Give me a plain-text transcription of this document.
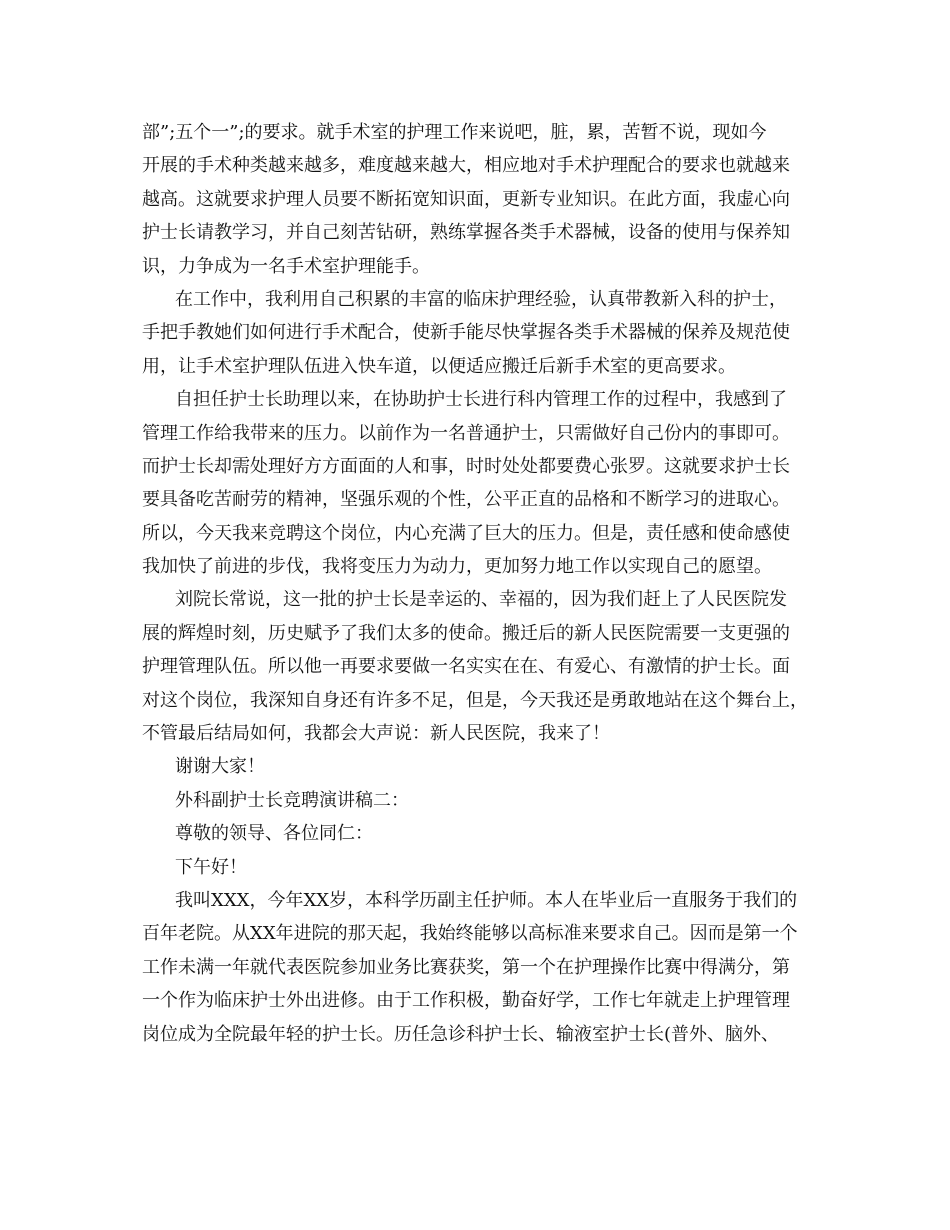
部”;五个一”;的要求。就手术室的护理工作来说吧，脏，累，苦暂不说，现如今
开展的手术种类越来越多，难度越来越大，相应地对手术护理配合的要求也就越来
越高。这就要求护理人员要不断拓宽知识面，更新专业知识。在此方面，我虚心向
护士长请教学习，并自己刻苦钻研，熟练掌握各类手术器械，设备的使用与保养知
识，力争成为一名手术室护理能手。
在工作中，我利用自己积累的丰富的临床护理经验，认真带教新入科的护士，
手把手教她们如何进行手术配合，使新手能尽快掌握各类手术器械的保养及规范使
用，让手术室护理队伍进入快车道，以便适应搬迁后新手术室的更高要求。
自担任护士长助理以来，在协助护士长进行科内管理工作的过程中，我感到了
管理工作给我带来的压力。以前作为一名普通护士，只需做好自己份内的事即可。
而护士长却需处理好方方面面的人和事，时时处处都要费心张罗。这就要求护士长
要具备吃苦耐劳的精神，坚强乐观的个性，公平正直的品格和不断学习的进取心。
所以，今天我来竞聘这个岗位，内心充满了巨大的压力。但是，责任感和使命感使
我加快了前进的步伐，我将变压力为动力，更加努力地工作以实现自己的愿望。
刘院长常说，这一批的护士长是幸运的、幸福的，因为我们赶上了人民医院发
展的辉煌时刻，历史赋予了我们太多的使命。搬迁后的新人民医院需要一支更强的
护理管理队伍。所以他一再要求要做一名实实在在、有爱心、有激情的护士长。面
对这个岗位，我深知自身还有许多不足，但是，今天我还是勇敢地站在这个舞台上，
不管最后结局如何，我都会大声说：新人民医院，我来了！
谢谢大家！
外科副护士长竞聘演讲稿二：
尊敬的领导、各位同仁：
下午好！
我叫XXX，今年XX岁，本科学历副主任护师。本人在毕业后一直服务于我们的
百年老院。从XX年进院的那天起，我始终能够以高标准来要求自己。因而是第一个
工作未满一年就代表医院参加业务比赛获奖，第一个在护理操作比赛中得满分，第
一个作为临床护士外出进修。由于工作积极，勤奋好学，工作七年就走上护理管理
岗位成为全院最年轻的护士长。历任急诊科护士长、输液室护士长(普外、脑外、
